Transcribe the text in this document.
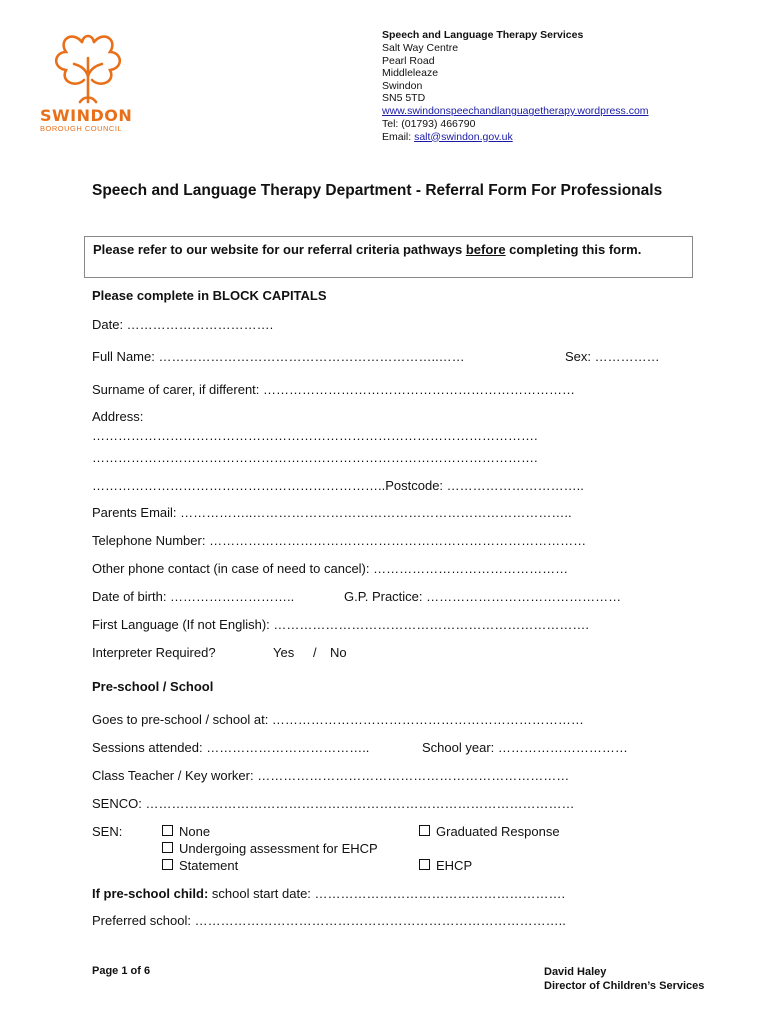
SWINDON
BOROUGH COUNCIL
Speech and Language Therapy Services
Salt Way Centre
Pearl Road
Middleleaze
Swindon
SN5 5TD
www.swindonspeechandlanguagetherapy.wordpress.com
Tel: (01793) 466790
Email: salt@swindon.gov.uk
Speech and Language Therapy Department - Referral Form For Professionals
Please refer to our website for our referral criteria pathways before completing this form.
Please complete in BLOCK CAPITALS
Date: …………………………….
Full Name: ………………………………………………………..……	Sex: ……………
Surname of carer, if different: ………………………………………………………………
Address:
………………………………………………………………………………………….
………………………………………………………………………………………….
…………………………………………………………..Postcode: …………………………..
Parents Email: ……………..………………………………………………………………..
Telephone Number: ……………………………………………………………………………
Other phone contact (in case of need to cancel): ………………………………………
Date of birth: ………………………..	G.P. Practice: ………………………………………
First Language (If not English): ……………………………………………………………….
Interpreter Required?	Yes / No
Pre-school / School
Goes to pre-school / school at: ………………………………………………………………
Sessions attended: ………………………………..	School year: …………………………
Class Teacher / Key worker: ………………………………………………………………
SENCO: ………………………………………………………………………………………
SEN:	None	Graduated Response
Undergoing assessment for EHCP
Statement	EHCP
If pre-school child: school start date: ………………………………………………….
Preferred school: …………………………………………………………………………..
Page 1 of 6	David Haley
Director of Children’s Services
